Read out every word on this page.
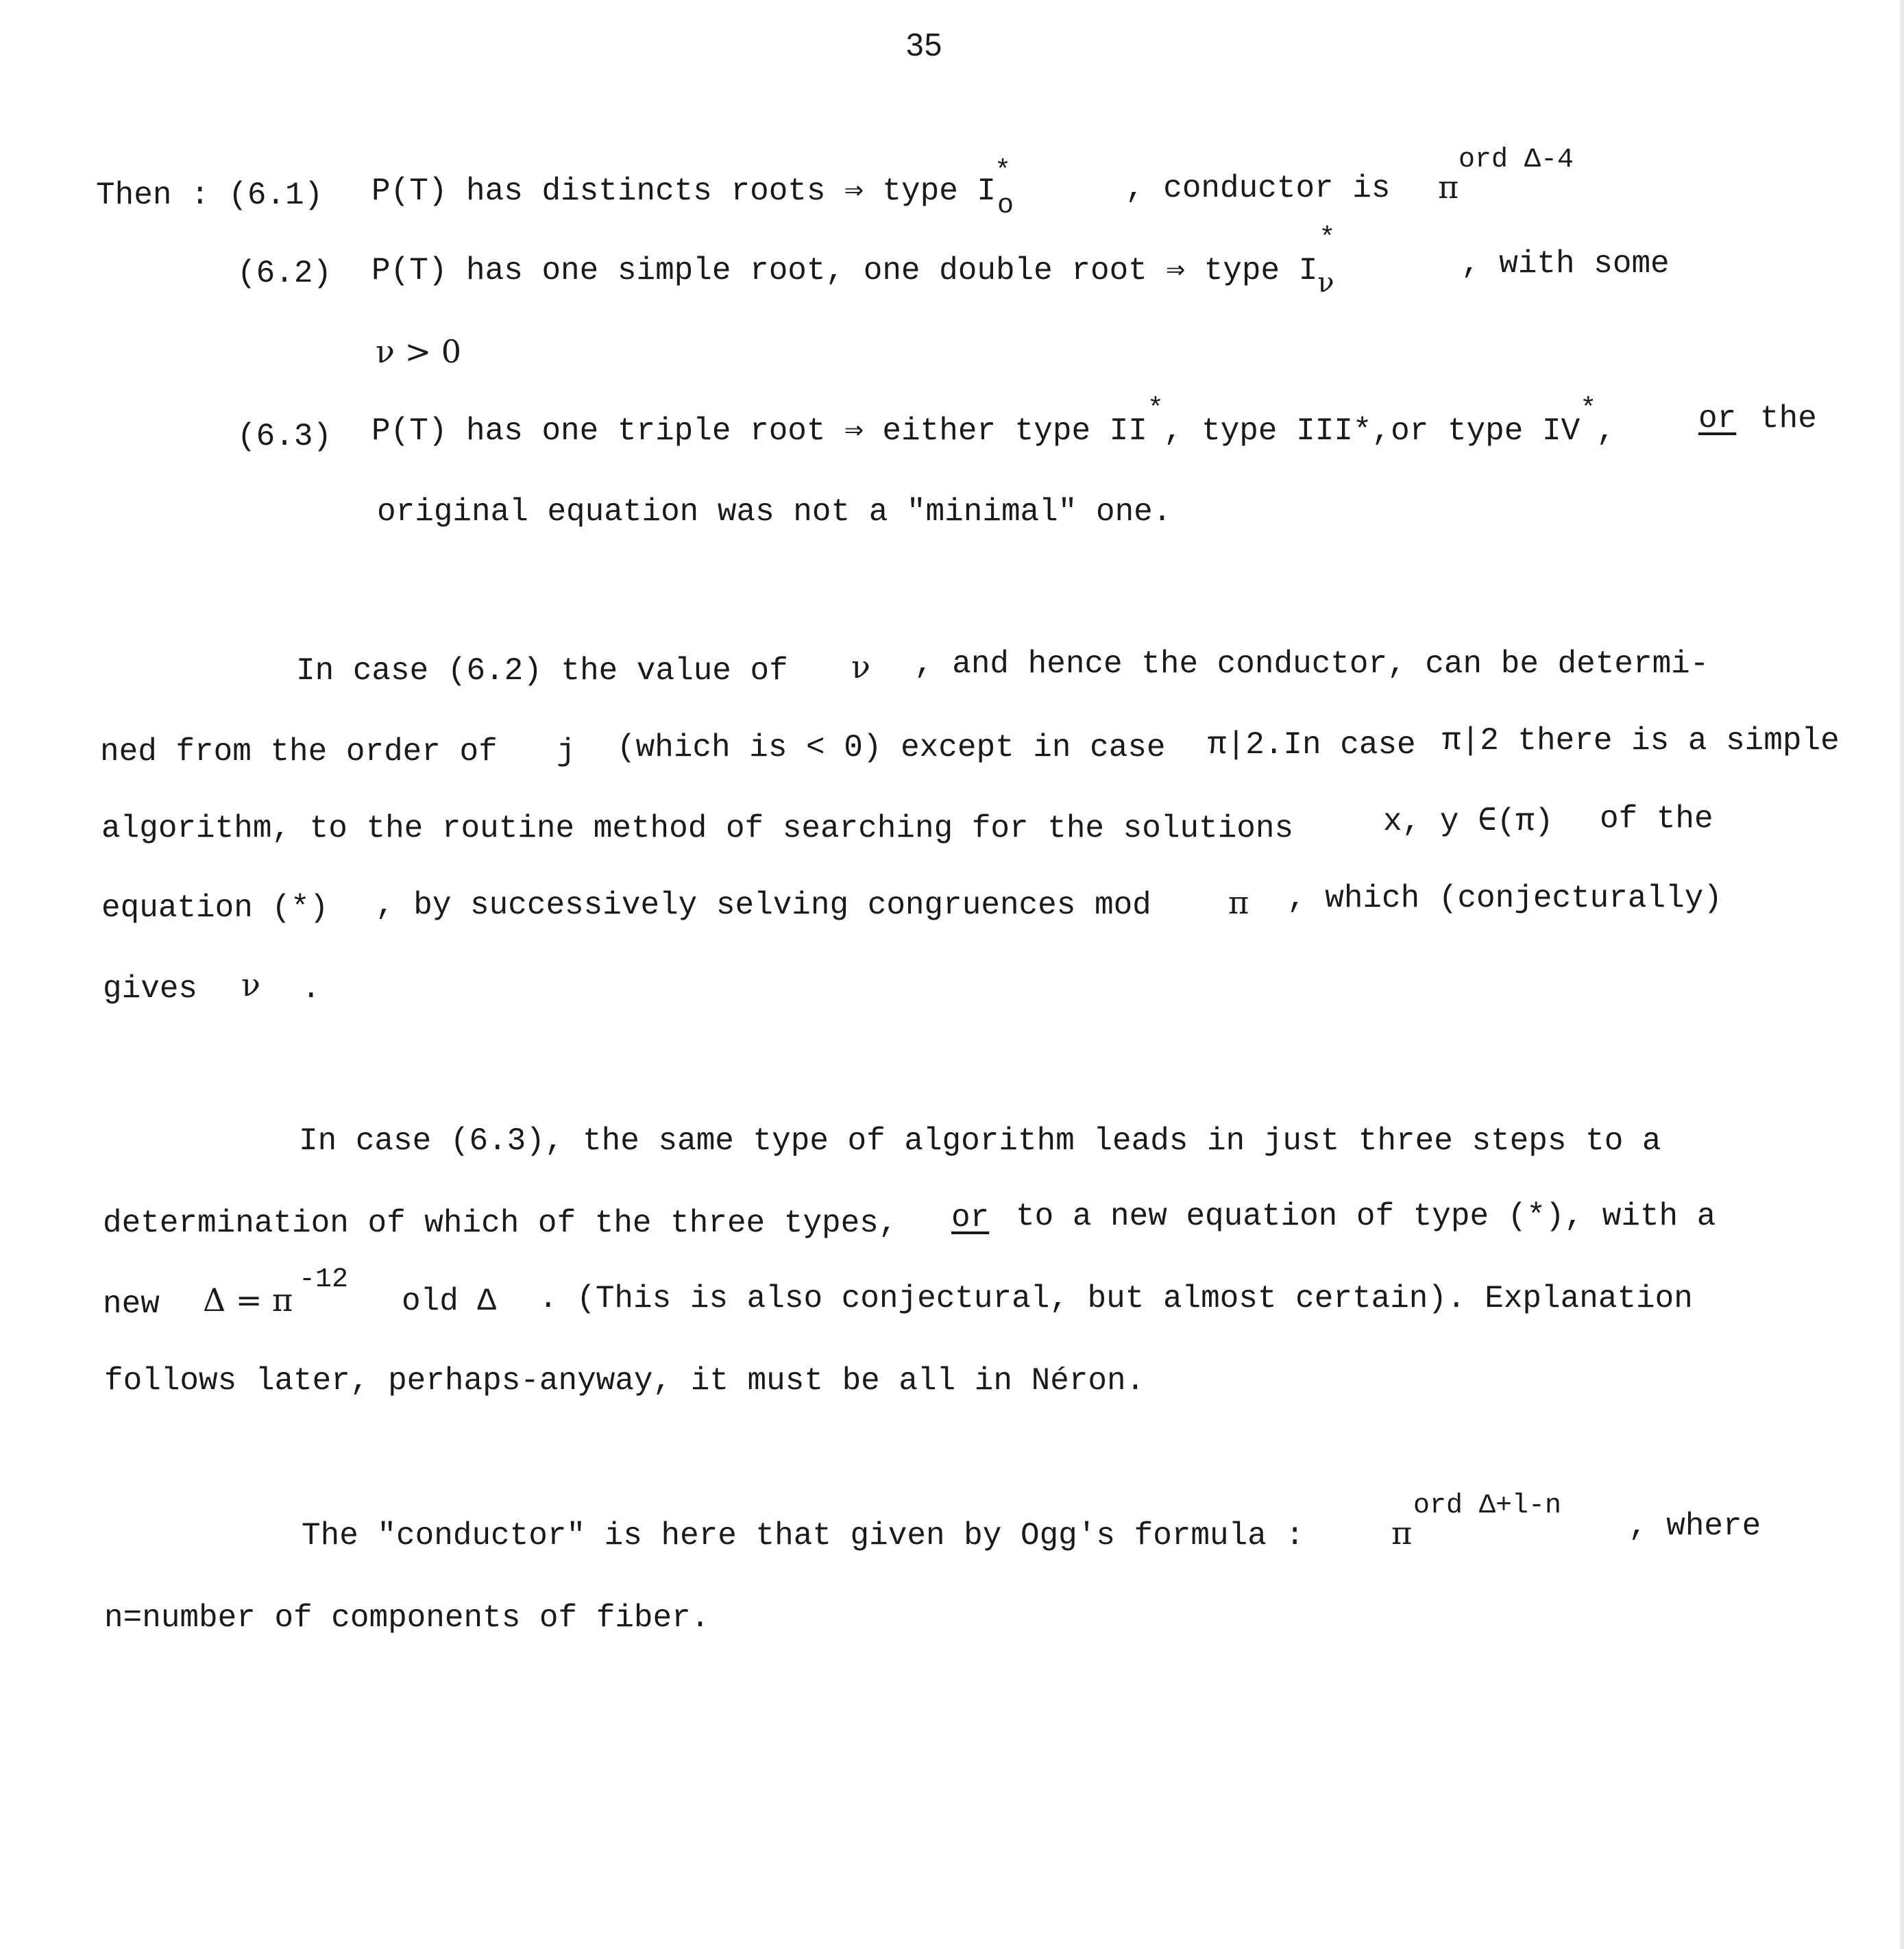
35
Then : (6.1) P(T) has distincts roots ⇒ type I
*
o	, conductor is π
ord Δ-4
(6.2) P(T) has one simple root, one double root ⇒ type I
*
ν
, with some
ν > 0
(6.3) P(T) has one triple root ⇒ either type II*, type III*,or type IV*,	or the
original equation was not a "minimal" one.
In case (6.2) the value of ν , and hence the conductor, can be determi-
ned from the order of j (which is < 0) except in case π|2.In case π|2 there is a simple
algorithm, to the routine method of searching for the solutions	x, y ∈(π) of the
equation (*) , by successively selving congruences mod π , which (conjecturally)
gives ν .
In case (6.3), the same type of algorithm leads in just three steps to a
determination of which of the three types, or to a new equation of type (*), with a
new Δ = π
-12
old Δ . (This is also conjectural, but almost certain). Explanation
follows later, perhaps-anyway, it must be all in Néron.
The "conductor" is here that given by Ogg's formula :	π
ord Δ+l-n
, where
n=number of components of fiber.
